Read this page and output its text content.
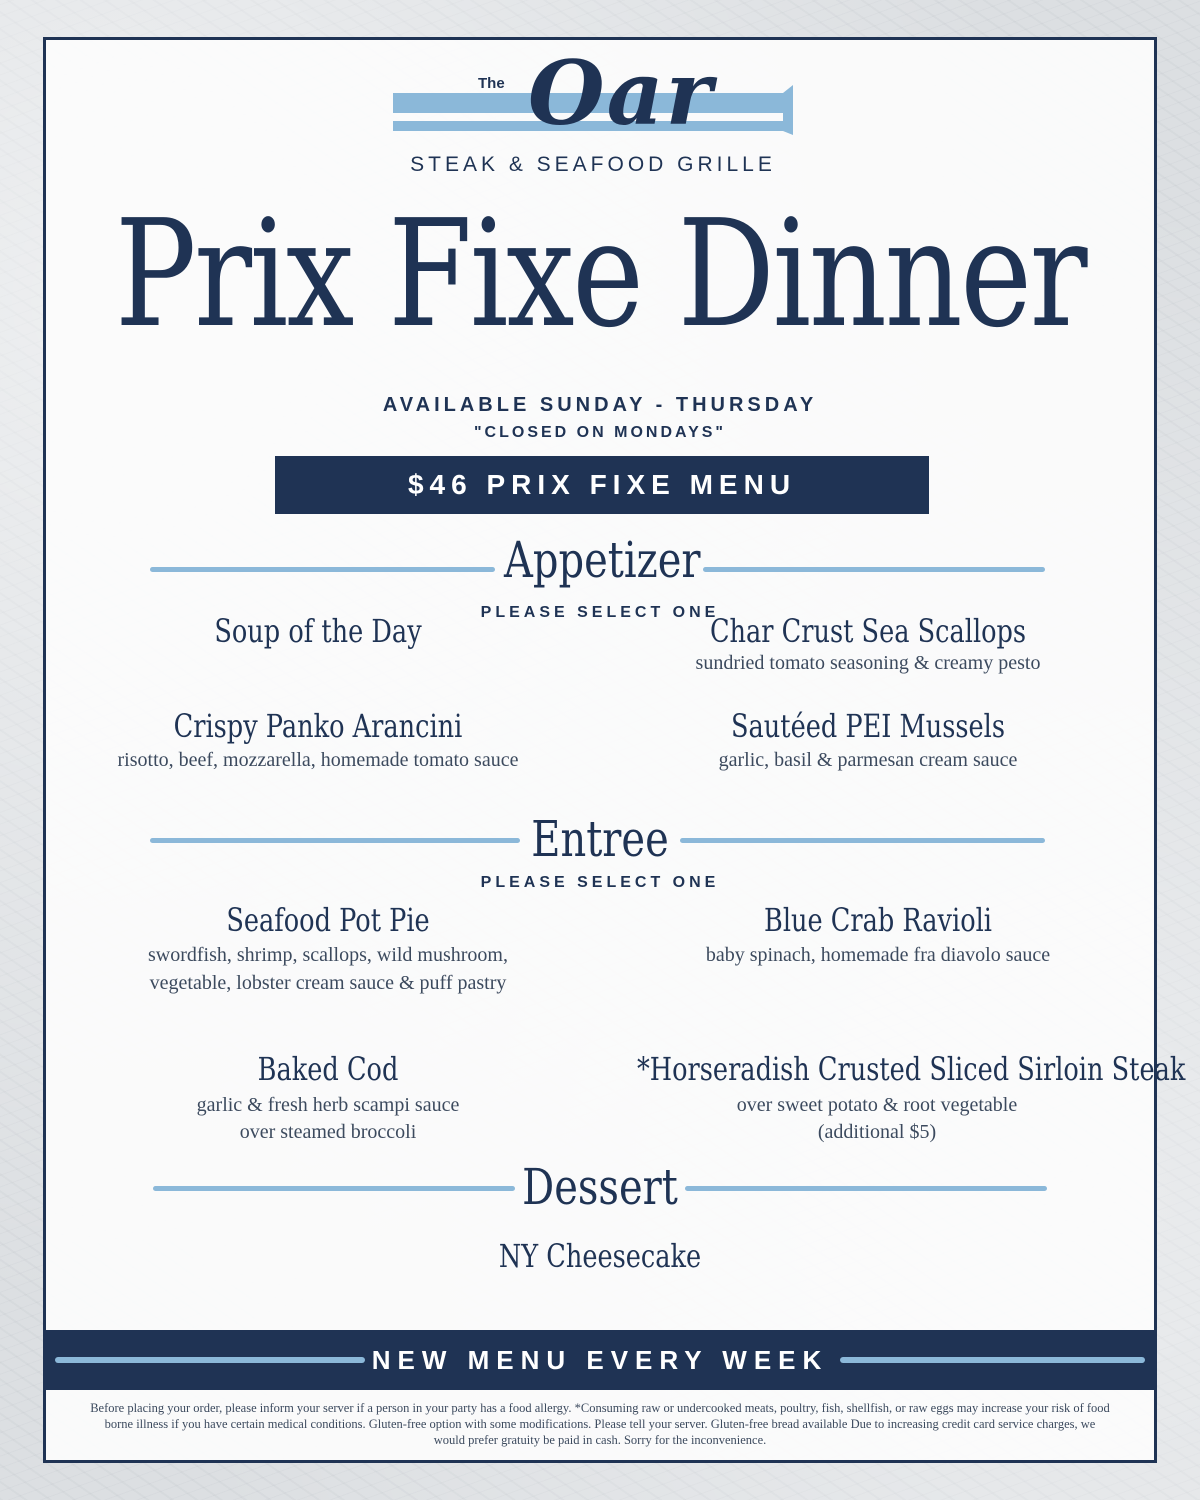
The Oar
STEAK & SEAFOOD GRILLE
Prix Fixe Dinner
AVAILABLE SUNDAY - THURSDAY
"CLOSED ON MONDAYS"
$46 PRIX FIXE MENU
Appetizer
PLEASE SELECT ONE
Soup of the Day	Char Crust Sea Scallops
sundried tomato seasoning & creamy pesto
Crispy Panko Arancini
risotto, beef, mozzarella, homemade tomato sauce
Sautéed PEI Mussels
garlic, basil & parmesan cream sauce
Entree
PLEASE SELECT ONE
Seafood Pot Pie
swordfish, shrimp, scallops, wild mushroom,
vegetable, lobster cream sauce & puff pastry
Blue Crab Ravioli
baby spinach, homemade fra diavolo sauce
Baked Cod
garlic & fresh herb scampi sauce
over steamed broccoli
*Horseradish Crusted Sliced Sirloin Steak
over sweet potato & root vegetable
(additional $5)
Dessert
NY Cheesecake
NEW MENU EVERY WEEK
Before placing your order, please inform your server if a person in your party has a food allergy. *Consuming raw or undercooked meats, poultry, fish, shellfish, or raw eggs may increase your risk of food borne illness if you have certain medical conditions. Gluten-free option with some modifications. Please tell your server. Gluten-free bread available Due to increasing credit card service charges, we would prefer gratuity be paid in cash. Sorry for the inconvenience.
